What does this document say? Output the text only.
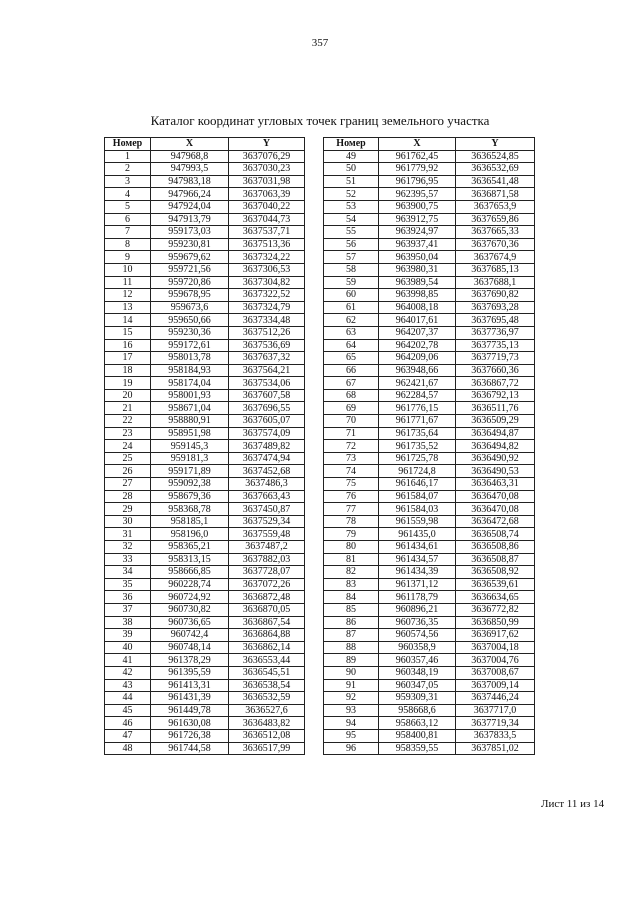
357
Каталог координат угловых точек границ земельного участка
Номер	X	Y
1	947968,8	3637076,29
2	947993,5	3637030,23
3	947983,18	3637031,98
4	947966,24	3637063,39
5	947924,04	3637040,22
6	947913,79	3637044,73
7	959173,03	3637537,71
8	959230,81	3637513,36
9	959679,62	3637324,22
10	959721,56	3637306,53
11	959720,86	3637304,82
12	959678,95	3637322,52
13	959673,6	3637324,79
14	959650,66	3637334,48
15	959230,36	3637512,26
16	959172,61	3637536,69
17	958013,78	3637637,32
18	958184,93	3637564,21
19	958174,04	3637534,06
20	958001,93	3637607,58
21	958671,04	3637696,55
22	958880,91	3637605,07
23	958951,98	3637574,09
24	959145,3	3637489,82
25	959181,3	3637474,94
26	959171,89	3637452,68
27	959092,38	3637486,3
28	958679,36	3637663,43
29	958368,78	3637450,87
30	958185,1	3637529,34
31	958196,0	3637559,48
32	958365,21	3637487,2
33	958313,15	3637882,03
34	958666,85	3637728,07
35	960228,74	3637072,26
36	960724,92	3636872,48
37	960730,82	3636870,05
38	960736,65	3636867,54
39	960742,4	3636864,88
40	960748,14	3636862,14
41	961378,29	3636553,44
42	961395,59	3636545,51
43	961413,31	3636538,54
44	961431,39	3636532,59
45	961449,78	3636527,6
46	961630,08	3636483,82
47	961726,38	3636512,08
48	961744,58	3636517,99
Номер	X	Y
49	961762,45	3636524,85
50	961779,92	3636532,69
51	961796,95	3636541,48
52	962395,57	3636871,58
53	963900,75	3637653,9
54	963912,75	3637659,86
55	963924,97	3637665,33
56	963937,41	3637670,36
57	963950,04	3637674,9
58	963980,31	3637685,13
59	963989,54	3637688,1
60	963998,85	3637690,82
61	964008,18	3637693,28
62	964017,61	3637695,48
63	964207,37	3637736,97
64	964202,78	3637735,13
65	964209,06	3637719,73
66	963948,66	3637660,36
67	962421,67	3636867,72
68	962284,57	3636792,13
69	961776,15	3636511,76
70	961771,67	3636509,29
71	961735,64	3636494,87
72	961735,52	3636494,82
73	961725,78	3636490,92
74	961724,8	3636490,53
75	961646,17	3636463,31
76	961584,07	3636470,08
77	961584,03	3636470,08
78	961559,98	3636472,68
79	961435,0	3636508,74
80	961434,61	3636508,86
81	961434,57	3636508,87
82	961434,39	3636508,92
83	961371,12	3636539,61
84	961178,79	3636634,65
85	960896,21	3636772,82
86	960736,35	3636850,99
87	960574,56	3636917,62
88	960358,9	3637004,18
89	960357,46	3637004,76
90	960348,19	3637008,67
91	960347,05	3637009,14
92	959309,31	3637446,24
93	958668,6	3637717,0
94	958663,12	3637719,34
95	958400,81	3637833,5
96	958359,55	3637851,02
Лист 11 из 14
